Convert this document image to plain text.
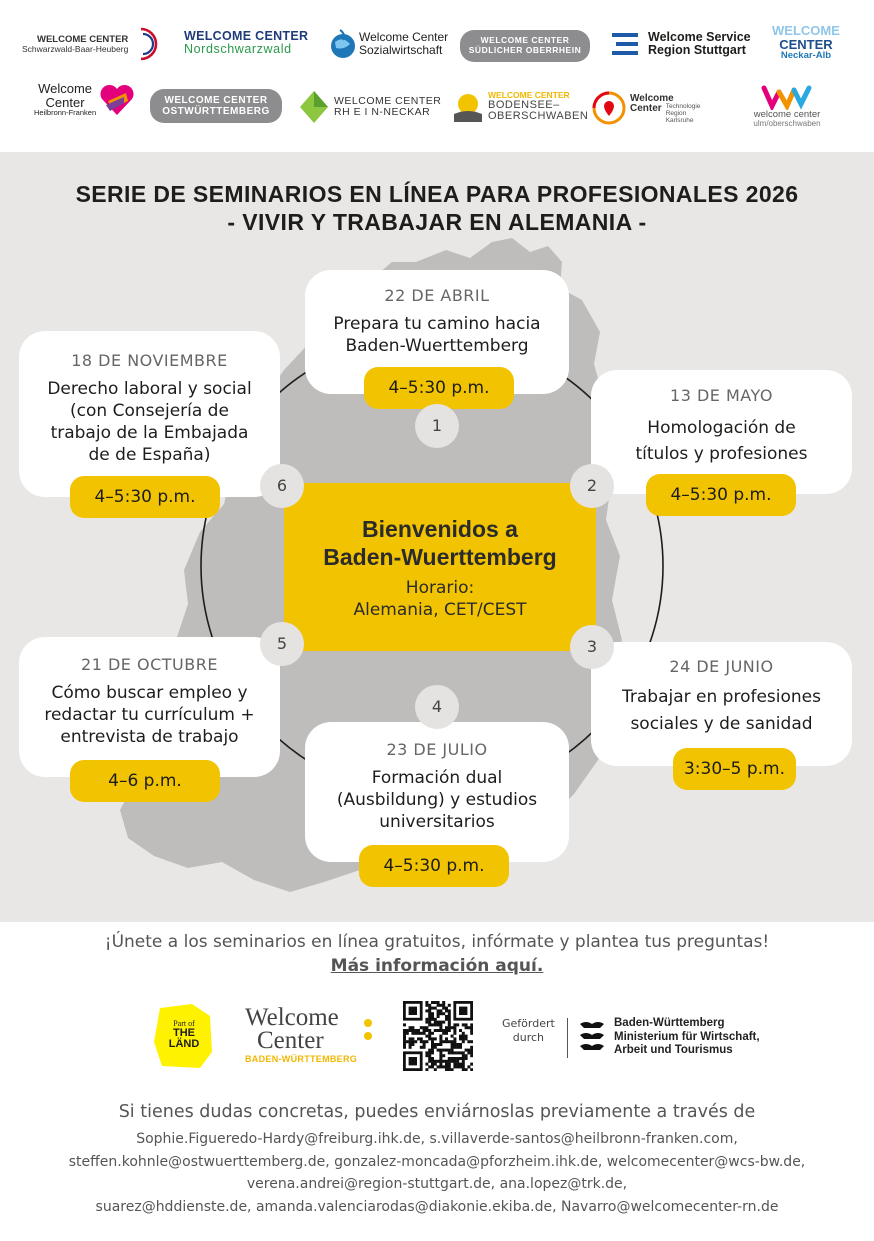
WELCOME CENTER
Schwarzwald-Baar-Heuberg
WELCOME CENTER
Nordschwarzwald
Welcome Center
Sozialwirtschaft
WELCOME CENTER
SÜDLICHER OBERRHEIN
Welcome Service
Region Stuttgart
WELCOME
CENTER
Neckar-Alb
Welcome
Center
Heilbronn-Franken
WELCOME CENTER
OSTWÜRTTEMBERG
WELCOME CENTER
RH E I N-NECKAR
WELCOME CENTER
BODENSEE–
OBERSCHWABEN
Welcome
Center Technologie
Region
Karlsruhe
welcome center
ulm/oberschwaben
SERIE DE SEMINARIOS EN LÍNEA PARA PROFESIONALES 2026
- VIVIR Y TRABAJAR EN ALEMANIA -
Bienvenidos a
Baden-Wuerttemberg
Horario:
Alemania, CET/CEST
22 DE ABRIL
Prepara tu camino hacia
Baden-Wuerttemberg
4–5:30 p.m.
1
13 DE MAYO
Homologación de
títulos y profesiones
4–5:30 p.m.
2
24 DE JUNIO
Trabajar en profesiones
sociales y de sanidad
3:30–5 p.m.
3
23 DE JULIO
Formación dual
(Ausbildung) y estudios
universitarios
4–5:30 p.m.
4
21 DE OCTUBRE
Cómo buscar empleo y
redactar tu currículum +
entrevista de trabajo
4–6 p.m.
5
18 DE NOVIEMBRE
Derecho laboral y social
(con Consejería de
trabajo de la Embajada
de de España)
4–5:30 p.m.
6
¡Únete a los seminarios en línea gratuitos, infórmate y plantea tus preguntas!
Más información aquí.
Part of
THE
LÄND
Welcome
Center
BADEN-WÜRTTEMBERG
Gefördert
durch
Baden-Württemberg
Ministerium für Wirtschaft,
Arbeit und Tourismus
Si tienes dudas concretas, puedes enviárnoslas previamente a través de
Sophie.Figueredo-Hardy@freiburg.ihk.de, s.villaverde-santos@heilbronn-franken.com,
steffen.kohnle@ostwuerttemberg.de, gonzalez-moncada@pforzheim.ihk.de, welcomecenter@wcs-bw.de,
verena.andrei@region-stuttgart.de, ana.lopez@trk.de,
suarez@hddienste.de, amanda.valenciarodas@diakonie.ekiba.de, Navarro@welcomecenter-rn.de
